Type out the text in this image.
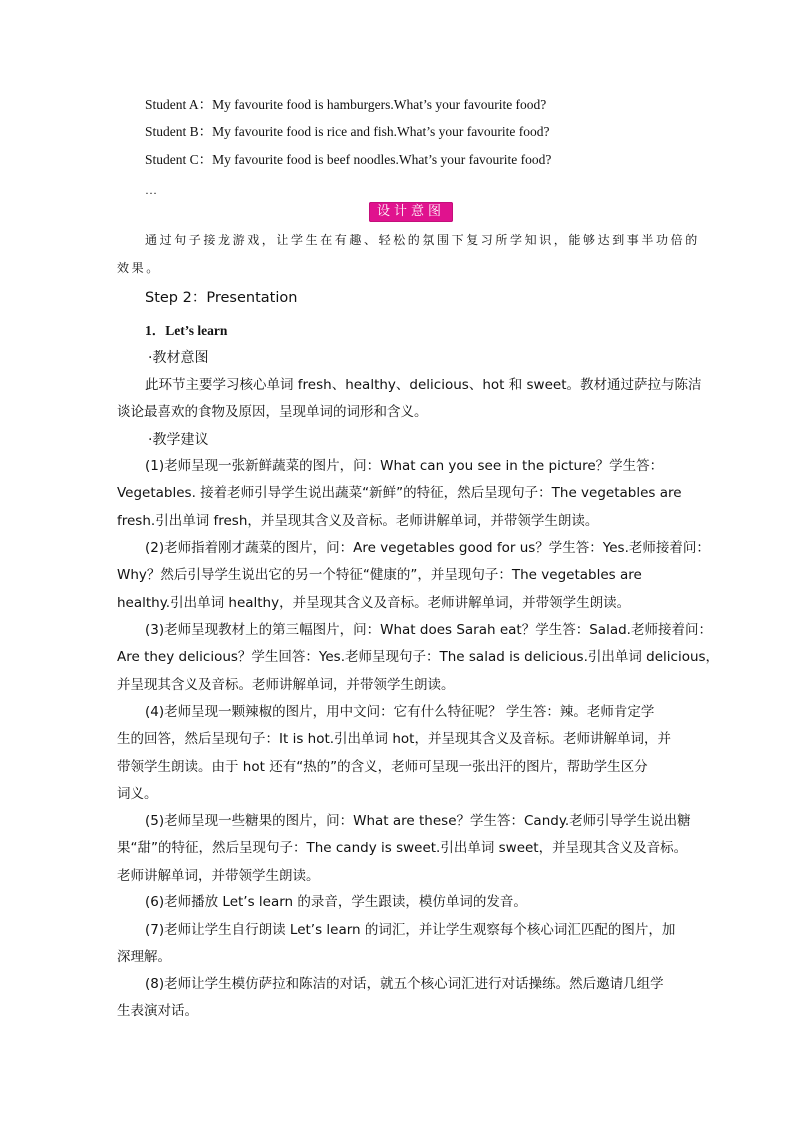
Student A：My favourite food is hamburgers.What’s your favourite food?
Student B：My favourite food is rice and fish.What’s your favourite food?
Student C：My favourite food is beef noodles.What’s your favourite food?
…
设计意图
通过句子接龙游戏，让学生在有趣、轻松的氛围下复习所学知识，能够达到事半功倍的
效果。
Step 2：Presentation
1．Let’s learn
·教材意图
此环节主要学习核心单词 fresh、healthy、delicious、hot 和 sweet。教材通过萨拉与陈洁
谈论最喜欢的食物及原因，呈现单词的词形和含义。
·教学建议
(1)老师呈现一张新鲜蔬菜的图片，问：What can you see in the picture？学生答：
Vegetables. 接着老师引导学生说出蔬菜“新鲜”的特征，然后呈现句子：The vegetables are
fresh.引出单词 fresh，并呈现其含义及音标。老师讲解单词，并带领学生朗读。
(2)老师指着刚才蔬菜的图片，问：Are vegetables good for us？学生答：Yes.老师接着问：
Why？然后引导学生说出它的另一个特征“健康的”，并呈现句子：The vegetables are
healthy.引出单词 healthy，并呈现其含义及音标。老师讲解单词，并带领学生朗读。
(3)老师呈现教材上的第三幅图片，问：What does Sarah eat？学生答：Salad.老师接着问：
Are they delicious？学生回答：Yes.老师呈现句子：The salad is delicious.引出单词 delicious，
并呈现其含义及音标。老师讲解单词，并带领学生朗读。
(4)老师呈现一颗辣椒的图片，用中文问：它有什么特征呢？ 学生答：辣。老师肯定学
生的回答，然后呈现句子：It is hot.引出单词 hot，并呈现其含义及音标。老师讲解单词，并
带领学生朗读。由于 hot 还有“热的”的含义，老师可呈现一张出汗的图片，帮助学生区分
词义。
(5)老师呈现一些糖果的图片，问：What are these？学生答：Candy.老师引导学生说出糖
果“甜”的特征，然后呈现句子：The candy is sweet.引出单词 sweet，并呈现其含义及音标。
老师讲解单词，并带领学生朗读。
(6)老师播放 Let’s learn 的录音，学生跟读，模仿单词的发音。
(7)老师让学生自行朗读 Let’s learn 的词汇，并让学生观察每个核心词汇匹配的图片，加
深理解。
(8)老师让学生模仿萨拉和陈洁的对话，就五个核心词汇进行对话操练。然后邀请几组学
生表演对话。
